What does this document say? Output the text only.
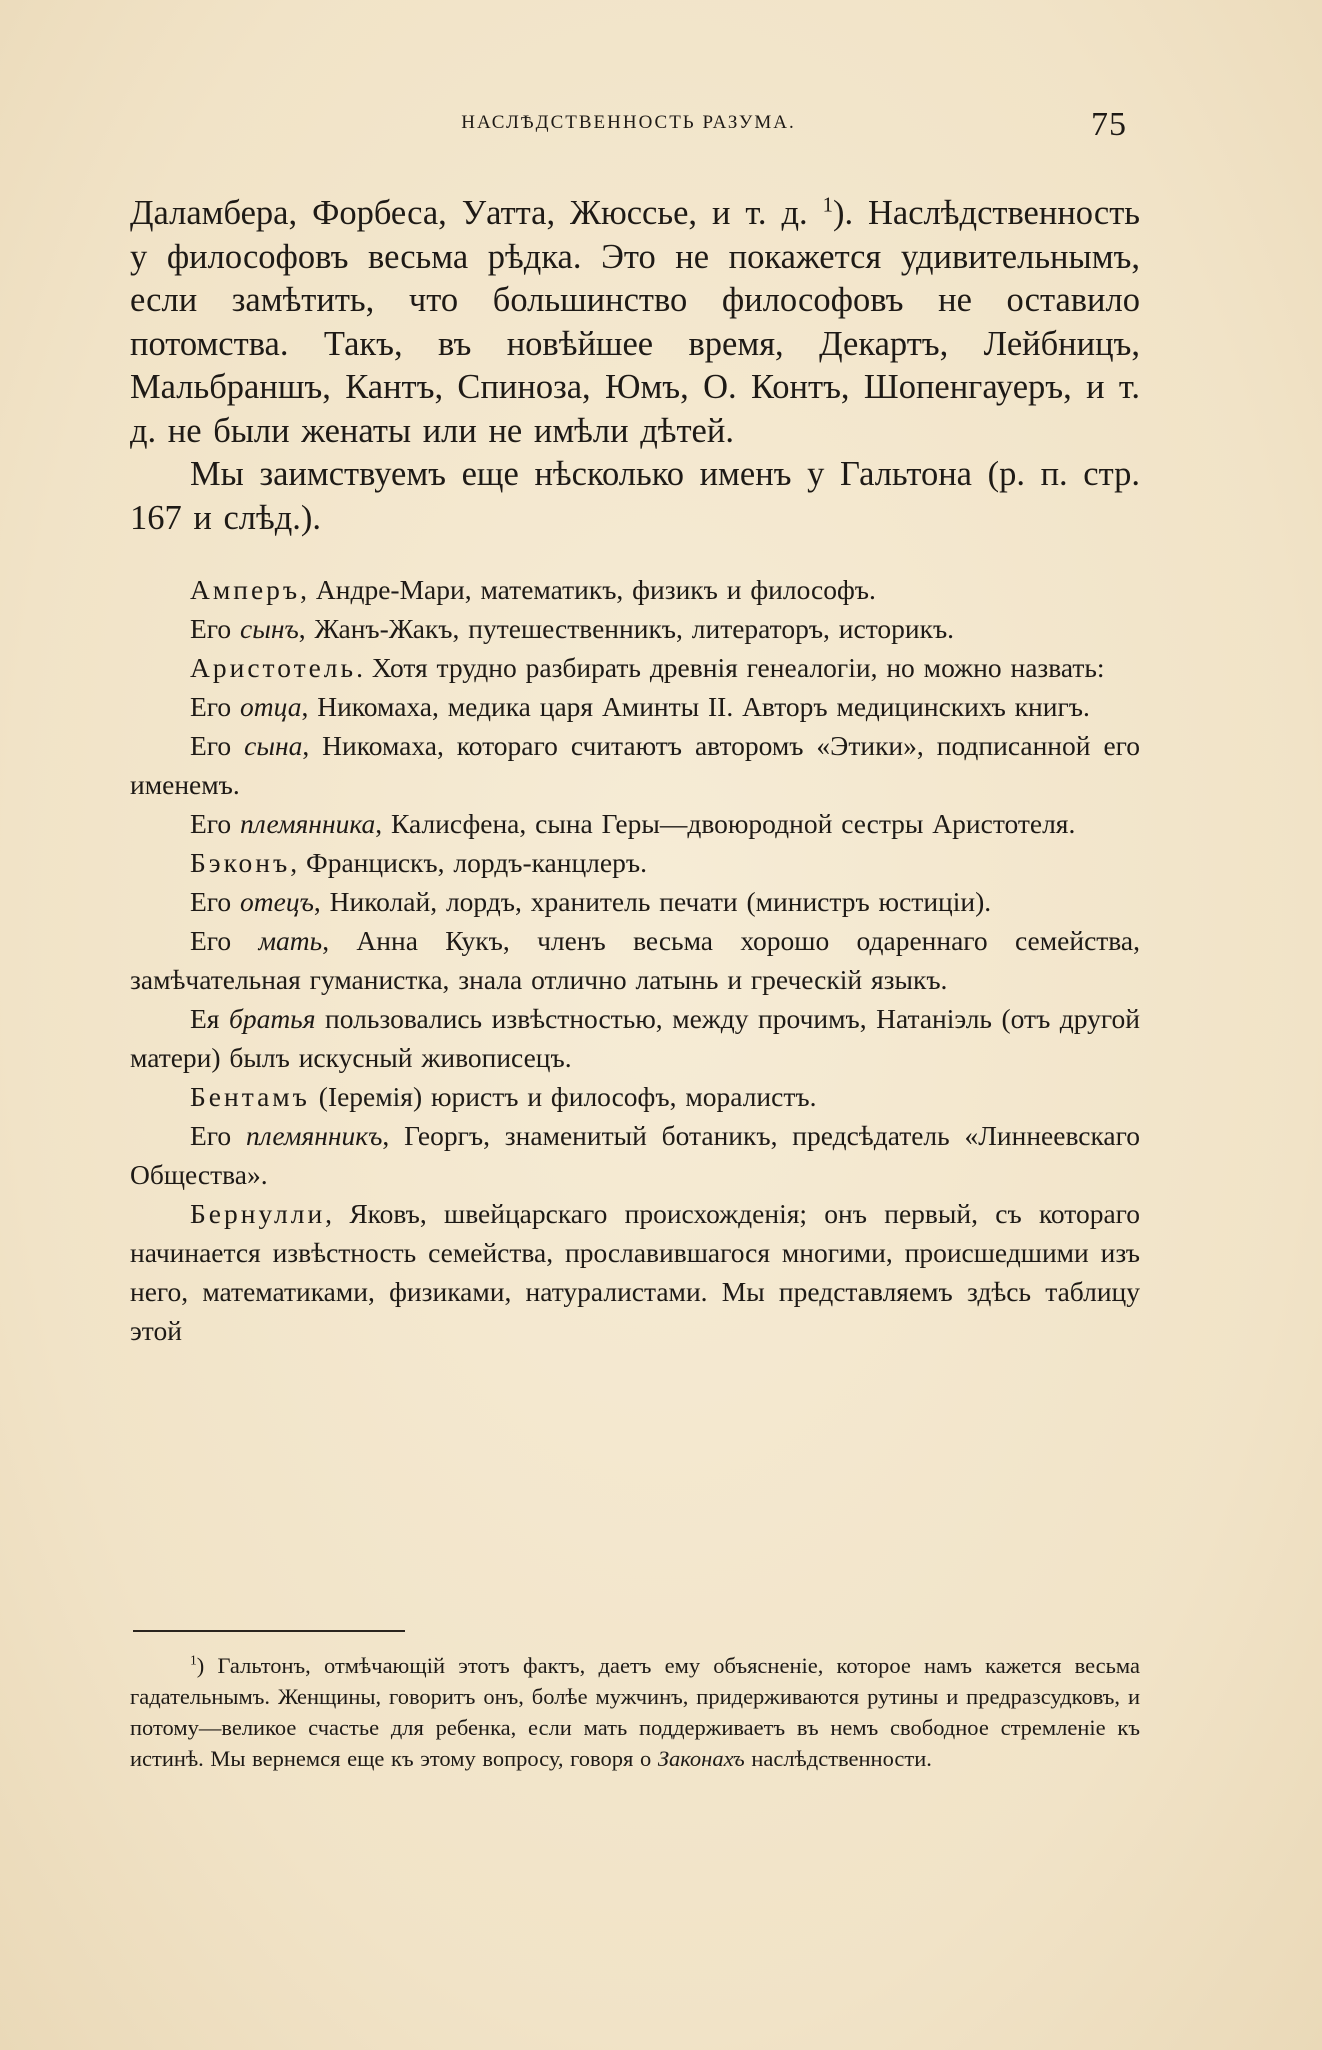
НАСЛѢДСТВЕННОСТЬ РАЗУМА.	75

Даламбера, Форбеса, Уатта, Жюссье, и т. д. $^1$). Наслѣдственность у философовъ весьма рѣдка. Это не покажется удивительнымъ, если замѣтить, что большинство философовъ не оставило потомства. Такъ, въ новѣйшее время, Декартъ, Лейбницъ, Мальбраншъ, Кантъ, Спиноза, Юмъ, О. Контъ, Шопенгауеръ, и т. д. не были женаты или не имѣли дѣтей.

Мы заимствуемъ еще нѣсколько именъ у Гальтона (р. п. стр. 167 и слѣд.).

Амперъ, Андре-Мари, математикъ, физикъ и философъ.

Его сынъ, Жанъ-Жакъ, путешественникъ, литераторъ, историкъ.

Аристотель. Хотя трудно разбирать древнія генеалогіи, но можно назвать:

Его отца, Никомаха, медика царя Аминты II. Авторъ медицинскихъ книгъ.

Его сына, Никомаха, котораго считаютъ авторомъ «Этики», подписанной его именемъ.

Его племянника, Калисфена, сына Геры—двоюродной сестры Аристотеля.

Бэконъ, Францискъ, лордъ-канцлеръ.

Его отецъ, Николай, лордъ, хранитель печати (министръ юстиціи).

Его мать, Анна Кукъ, членъ весьма хорошо одареннаго семейства, замѣчательная гуманистка, знала отлично латынь и греческій языкъ.

Ея братья пользовались извѣстностью, между прочимъ, Натаніэль (отъ другой матери) былъ искусный живописецъ.

Бентамъ (Іеремія) юристъ и философъ, моралистъ.

Его племянникъ, Георгъ, знаменитый ботаникъ, предсѣдатель «Линнеевскаго Общества».

Бернулли, Яковъ, швейцарскаго происхожденія; онъ первый, съ котораго начинается извѣстность семейства, прославившагося многими, происшедшими изъ него, математиками, физиками, натуралистами. Мы представляемъ здѣсь таблицу этой

$^1$) Гальтонъ, отмѣчающій этотъ фактъ, даетъ ему объясненіе, которое намъ кажется весьма гадательнымъ. Женщины, говоритъ онъ, болѣе мужчинъ, придерживаются рутины и предразсудковъ, и потому—великое счастье для ребенка, если мать поддерживаетъ въ немъ свободное стремленіе къ истинѣ. Мы вернемся еще къ этому вопросу, говоря о Законахъ наслѣдственности.
